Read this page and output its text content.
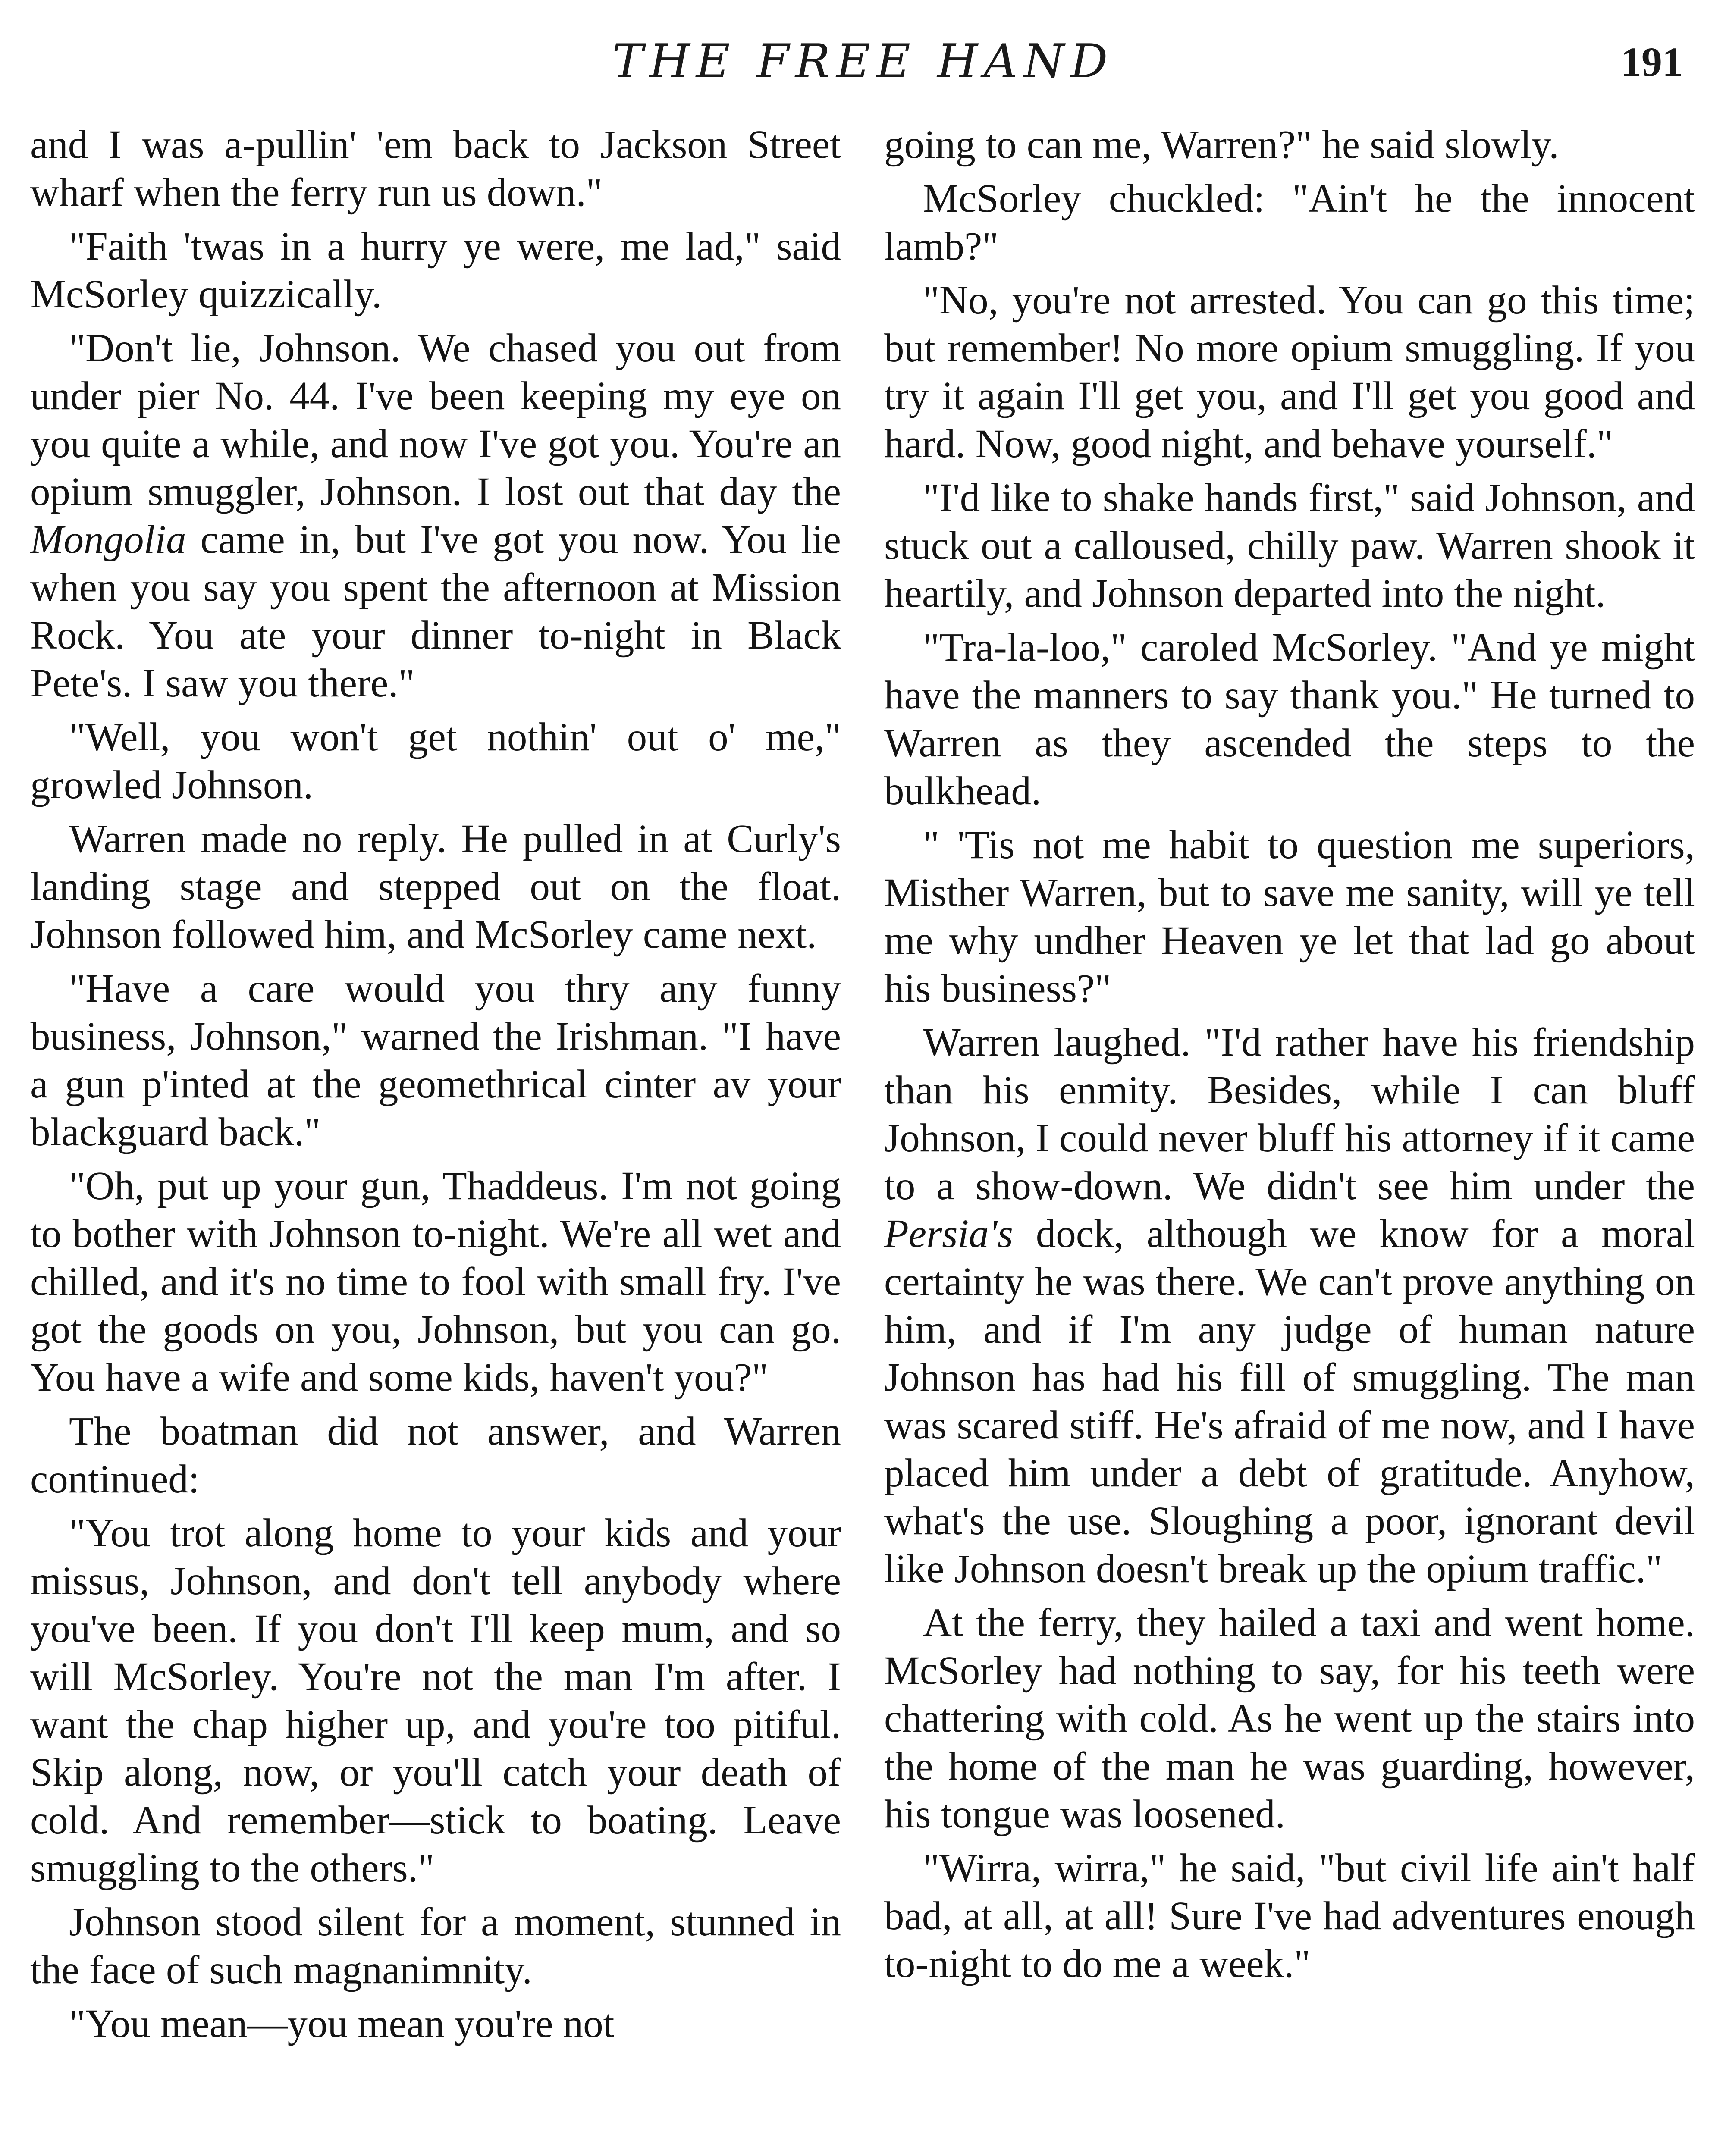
THE FREE HAND	191

and I was a-pullin' 'em back to Jackson Street wharf when the ferry run us down."

"Faith 'twas in a hurry ye were, me lad," said McSorley quizzically.

"Don't lie, Johnson. We chased you out from under pier No. 44. I've been keeping my eye on you quite a while, and now I've got you. You're an opium smuggler, Johnson. I lost out that day the Mongolia came in, but I've got you now. You lie when you say you spent the afternoon at Mission Rock. You ate your dinner to-night in Black Pete's. I saw you there."

"Well, you won't get nothin' out o' me," growled Johnson.

Warren made no reply. He pulled in at Curly's landing stage and stepped out on the float. Johnson followed him, and McSorley came next.

"Have a care would you thry any funny business, Johnson," warned the Irishman. "I have a gun p'inted at the geomethrical cinter av your blackguard back."

"Oh, put up your gun, Thaddeus. I'm not going to bother with Johnson to-night. We're all wet and chilled, and it's no time to fool with small fry. I've got the goods on you, Johnson, but you can go. You have a wife and some kids, haven't you?"

The boatman did not answer, and Warren continued:

"You trot along home to your kids and your missus, Johnson, and don't tell anybody where you've been. If you don't I'll keep mum, and so will McSorley. You're not the man I'm after. I want the chap higher up, and you're too pitiful. Skip along, now, or you'll catch your death of cold. And remember—stick to boating. Leave smuggling to the others."

Johnson stood silent for a moment, stunned in the face of such magnanimnity.

"You mean—you mean you're not

going to can me, Warren?" he said slowly.

McSorley chuckled: "Ain't he the innocent lamb?"

"No, you're not arrested. You can go this time; but remember! No more opium smuggling. If you try it again I'll get you, and I'll get you good and hard. Now, good night, and behave yourself."

"I'd like to shake hands first," said Johnson, and stuck out a calloused, chilly paw. Warren shook it heartily, and Johnson departed into the night.

"Tra-la-loo," caroled McSorley. "And ye might have the manners to say thank you." He turned to Warren as they ascended the steps to the bulkhead.

" 'Tis not me habit to question me superiors, Misther Warren, but to save me sanity, will ye tell me why undher Heaven ye let that lad go about his business?"

Warren laughed. "I'd rather have his friendship than his enmity. Besides, while I can bluff Johnson, I could never bluff his attorney if it came to a show-down. We didn't see him under the Persia's dock, although we know for a moral certainty he was there. We can't prove anything on him, and if I'm any judge of human nature Johnson has had his fill of smuggling. The man was scared stiff. He's afraid of me now, and I have placed him under a debt of gratitude. Anyhow, what's the use. Sloughing a poor, ignorant devil like Johnson doesn't break up the opium traffic."

At the ferry, they hailed a taxi and went home. McSorley had nothing to say, for his teeth were chattering with cold. As he went up the stairs into the home of the man he was guarding, however, his tongue was loosened.

"Wirra, wirra," he said, "but civil life ain't half bad, at all, at all! Sure I've had adventures enough to-night to do me a week."
